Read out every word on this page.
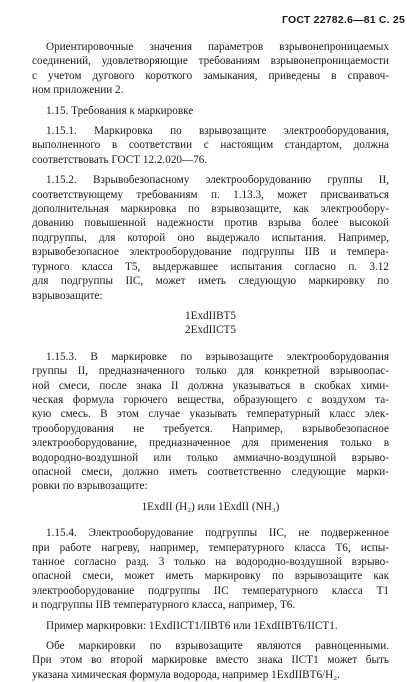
ГОСТ 22782.6—81 С. 25
Ориентировочные значения параметров взрывонепроницаемых
соединений, удовлетворяющие требованиям взрывонепроницаемости
с учетом дугового короткого замыкания, приведены в справоч-
ном приложении 2.
1.15. Требования к маркировке
1.15.1. Маркировка по взрывозащите электрооборудования,
выполненного в соответствии с настоящим стандартом, должна
соответствовать ГОСТ 12.2.020—76.
1.15.2. Взрывобезопасному электрооборудованию группы II,
соответствующему требованиям п. 1.13.3, может присваиваться
дополнительная маркировка по взрывозащите, как электрообору-
дованию повышенной надежности против взрыва более высокой
подгруппы, для которой оно выдержало испытания. Например,
взрывобезопасное электрооборудование подгруппы IIB и темпера-
турного класса Т5, выдержавшее испытания согласно п. 3.12
для подгруппы IIC, может иметь следующую маркировку по
взрывозащите:
1ExdIIBT5
2ExdIICT5
1.15.3. В маркировке по взрывозащите электрооборудования
группы II, предназначенного только для конкретной взрывоопас-
ной смеси, после знака II должна указываться в скобках хими-
ческая формула горючего вещества, образующего с воздухом та-
кую смесь. В этом случае указывать температурный класс элек-
трооборудования не требуется. Например, взрывобезопасное
электрооборудование, предназначенное для применения только в
водородно-воздушной или только аммиачно-воздушной взрыво-
опасной смеси, должно иметь соответственно следующие марки-
ровки по взрывозащите:
1ExdII (H₂) или 1ExdII (NH₃)
1.15.4. Электрооборудование подгруппы IIC, не подверженное
при работе нагреву, например, температурного класса Т6, испы-
танное согласно разд. 3 только на водородно-воздушной взрыво-
опасной смеси, может иметь маркировку по взрывозащите как
электрооборудование подгруппы IIC температурного класса Т1
и подгруппы IIB температурного класса, например, Т6.
Пример маркировки: 1ExdIICT1/IIBT6 или 1ExdIIBT6/IICT1.
Обе маркировки по взрывозащите являются равноценными.
При этом во второй маркировке вместо знака IICT1 может быть
указана химическая формула водорода, например 1ExdIIBT6/H₂.
